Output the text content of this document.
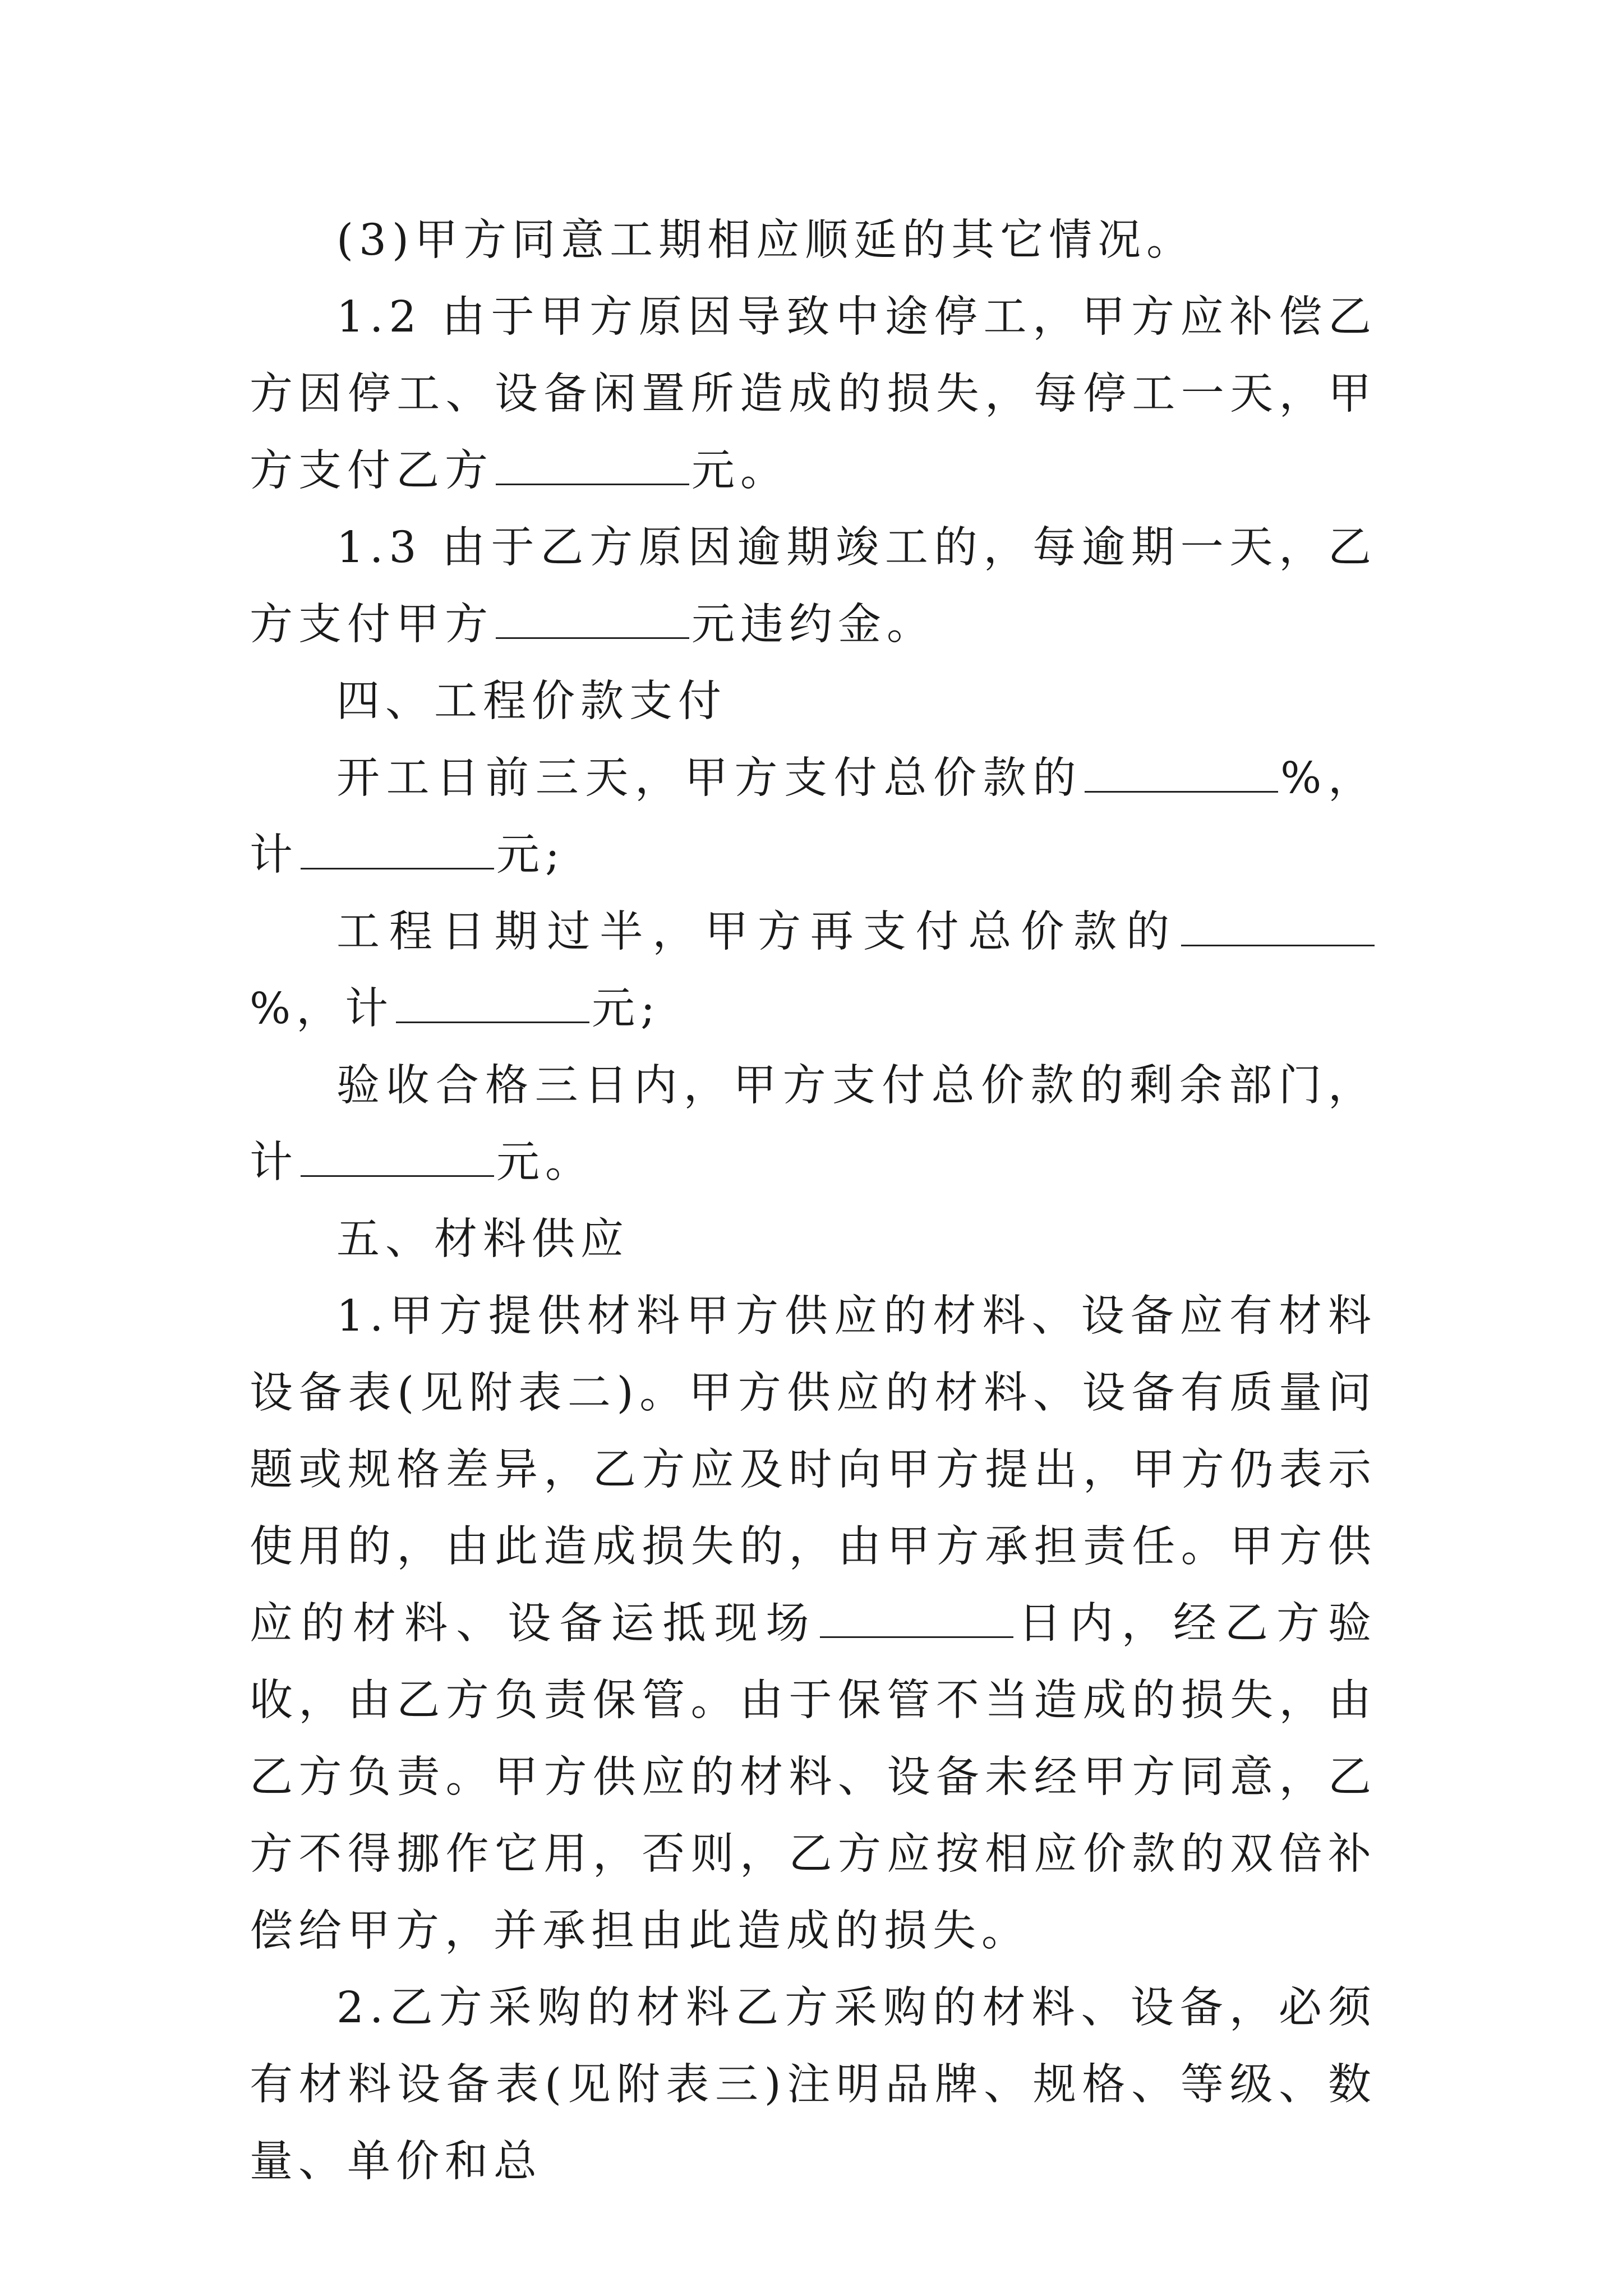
(3)甲方同意工期相应顺延的其它情况。

1.2 由于甲方原因导致中途停工，甲方应补偿乙方因停工、设备闲置所造成的损失，每停工一天，甲方支付乙方	元。

1.3 由于乙方原因逾期竣工的，每逾期一天，乙方支付甲方	元违约金。

四、工程价款支付

开工日前三天，甲方支付总价款的	%，计	元;

工程日期过半，甲方再支付总价款的%，计	元;

验收合格三日内，甲方支付总价款的剩余部门，计	元。

五、材料供应

1.甲方提供材料甲方供应的材料、设备应有材料设备表(见附表二)。甲方供应的材料、设备有质量问题或规格差异，乙方应及时向甲方提出，甲方仍表示使用的，由此造成损失的，由甲方承担责任。甲方供应的材料、设备运抵现场	日内，经乙方验收，由乙方负责保管。由于保管不当造成的损失，由乙方负责。甲方供应的材料、设备未经甲方同意，乙方不得挪作它用，否则，乙方应按相应价款的双倍补偿给甲方，并承担由此造成的损失。

2.乙方采购的材料乙方采购的材料、设备，必须有材料设备表(见附表三)注明品牌、规格、等级、数量、单价和总
